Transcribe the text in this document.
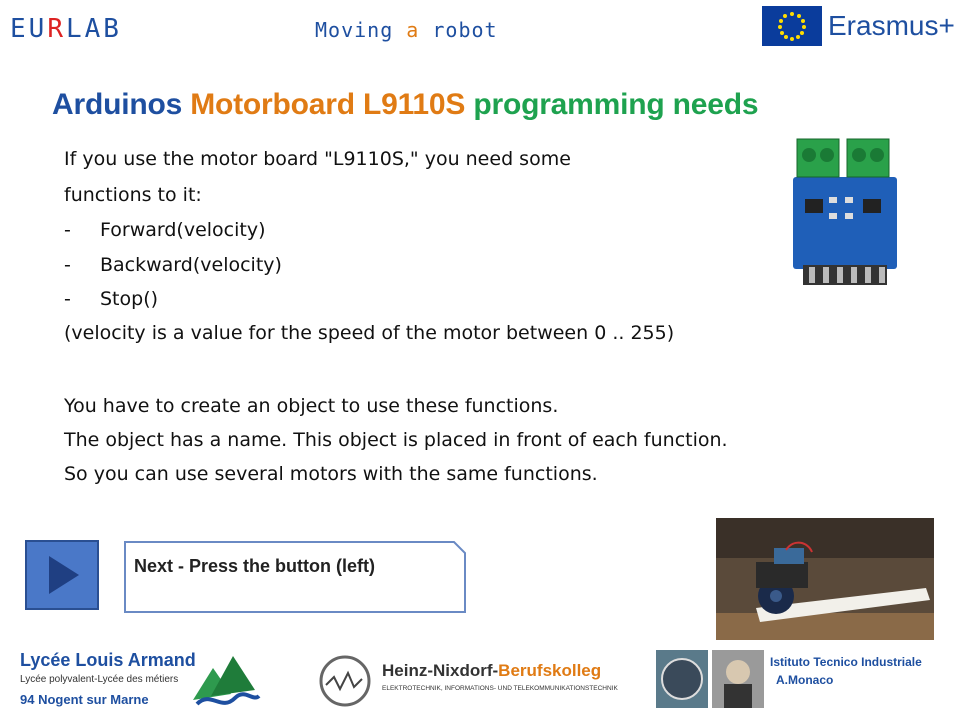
EURLAB	Moving a robot	Erasmus+
Arduinos Motorboard L9110S programming needs
If you use the motor board "L9110S," you need some
functions to it:
- Forward(velocity)
- Backward(velocity)
- Stop()
(velocity is a value for the speed of the motor between 0 .. 255)
You have to create an object to use these functions.
The object has a name. This object is placed in front of each function.
So you can use several motors with the same functions.
Next - Press the button (left)
Lycée Louis Armand
Lycée polyvalent-Lycée des métiers
94 Nogent sur Marne
Heinz-Nixdorf-Berufskolleg
ELEKTROTECHNIK, INFORMATIONS- UND TELEKOMMUNIKATIONSTECHNIK
Istituto Tecnico Industriale
A.Monaco
